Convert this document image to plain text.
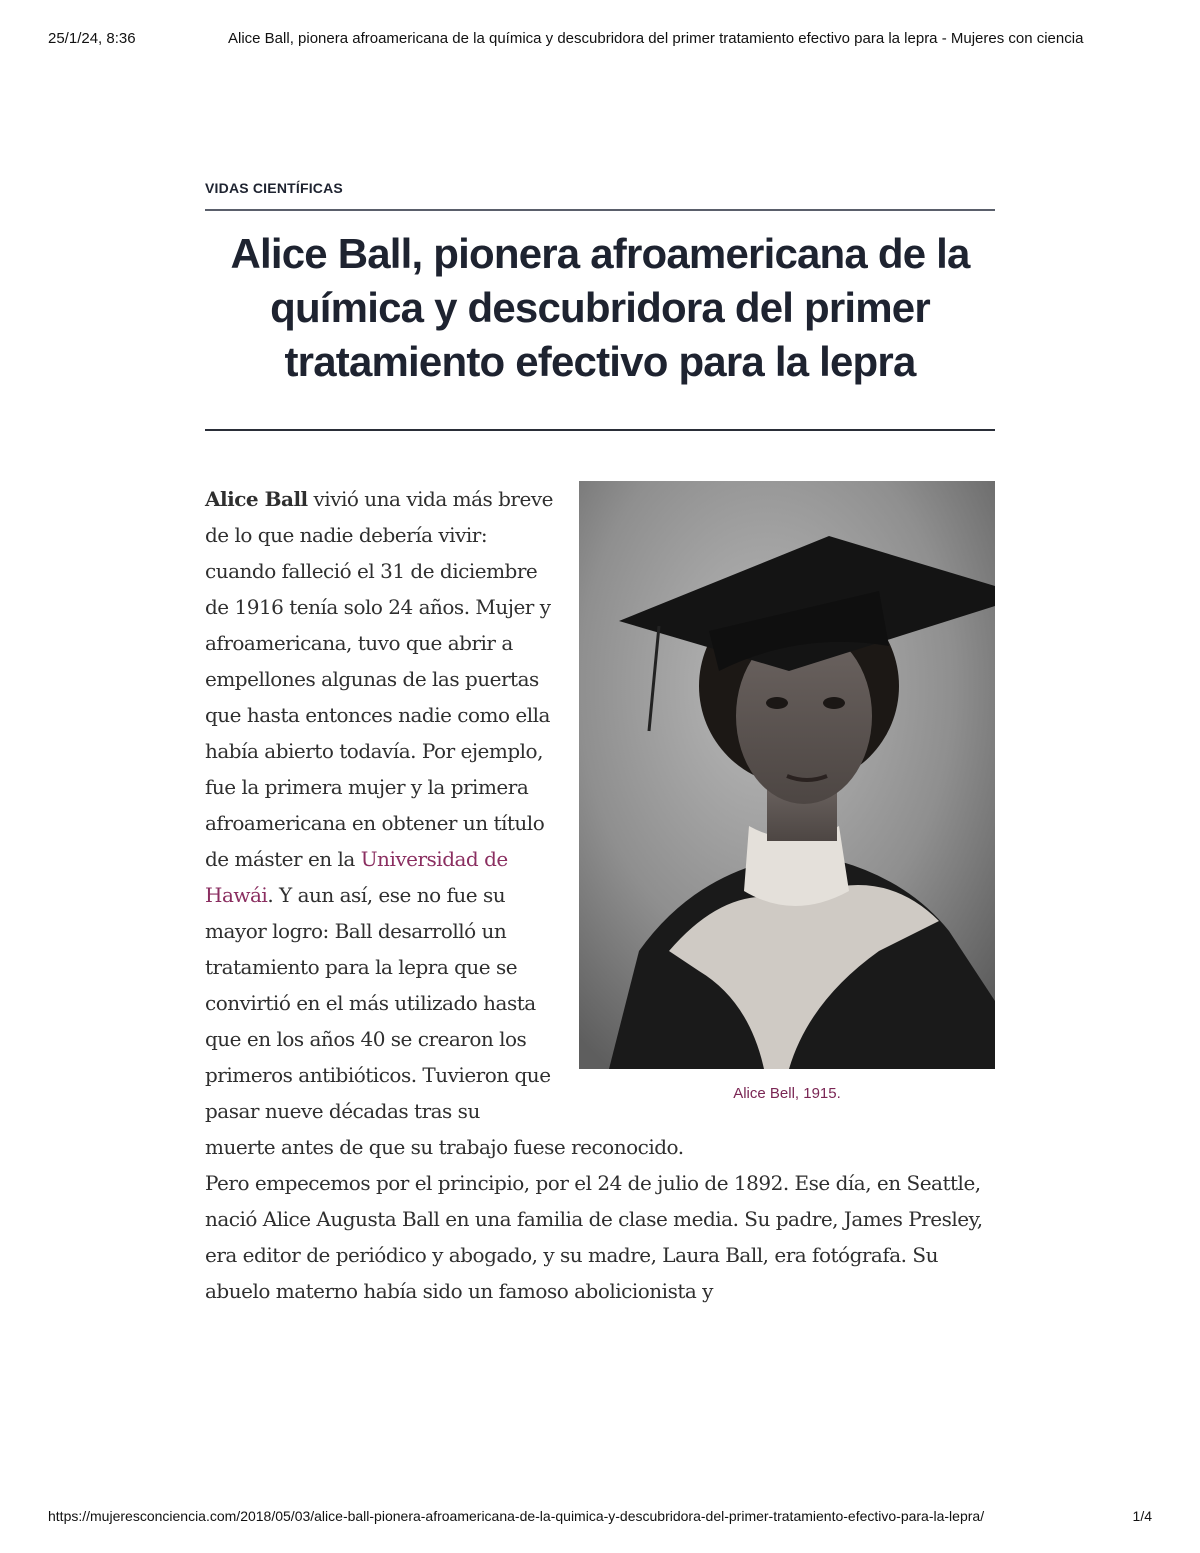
25/1/24, 8:36	Alice Ball, pionera afroamericana de la química y descubridora del primer tratamiento efectivo para la lepra - Mujeres con ciencia
VIDAS CIENTÍFICAS
Alice Ball, pionera afroamericana de la química y descubridora del primer tratamiento efectivo para la lepra
Alice Bell, 1915.

Alice Ball vivió una vida más breve de lo que nadie debería vivir: cuando falleció el 31 de diciembre de 1916 tenía solo 24 años. Mujer y afroamericana, tuvo que abrir a empellones algunas de las puertas que hasta entonces nadie como ella había abierto todavía. Por ejemplo, fue la primera mujer y la primera afroamericana en obtener un título de máster en la Universidad de Hawái. Y aun así, ese no fue su mayor logro: Ball desarrolló un tratamiento para la lepra que se convirtió en el más utilizado hasta que en los años 40 se crearon los primeros antibióticos. Tuvieron que pasar nueve décadas tras su muerte antes de que su trabajo fuese reconocido.

Pero empecemos por el principio, por el 24 de julio de 1892. Ese día, en Seattle, nació Alice Augusta Ball en una familia de clase media. Su padre, James Presley, era editor de periódico y abogado, y su madre, Laura Ball, era fotógrafa. Su abuelo materno había sido un famoso abolicionista y

https://mujeresconciencia.com/2018/05/03/alice-ball-pionera-afroamericana-de-la-quimica-y-descubridora-del-primer-tratamiento-efectivo-para-la-lepra/	1/4
